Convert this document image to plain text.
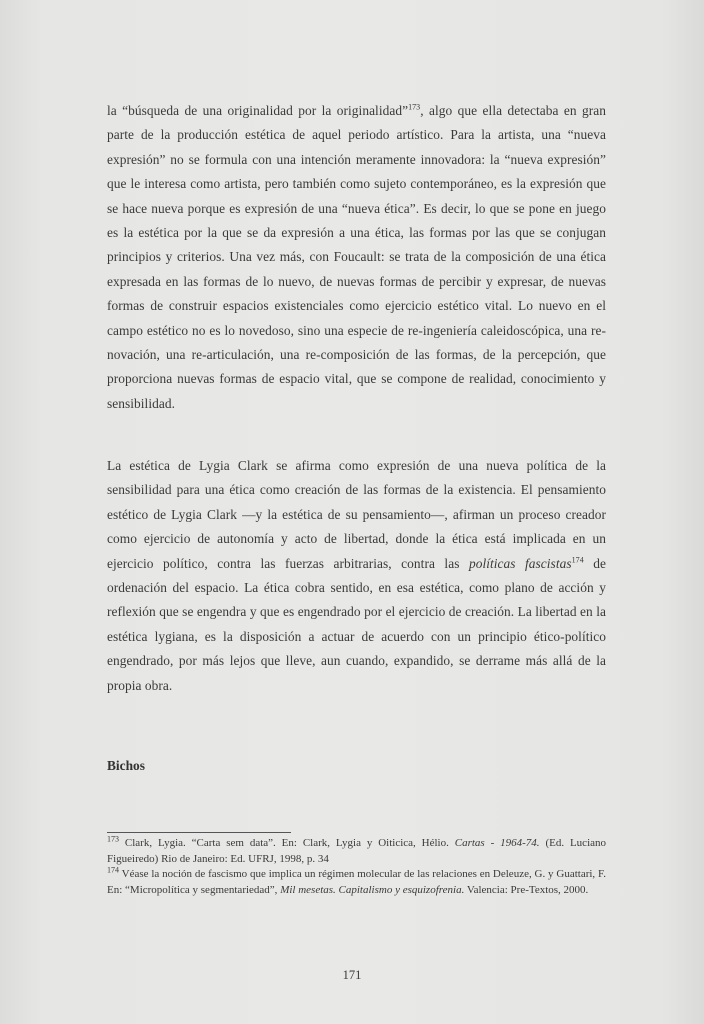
la “búsqueda de una originalidad por la originalidad”$^{173}$, algo que ella detectaba en gran parte de la producción estética de aquel periodo artístico. Para la artista, una “nueva expresión” no se formula con una intención meramente innovadora: la “nueva expresión” que le interesa como artista, pero también como sujeto contemporáneo, es la expresión que se hace nueva porque es expresión de una “nueva ética”. Es decir, lo que se pone en juego es la estética por la que se da expresión a una ética, las formas por las que se conjugan principios y criterios. Una vez más, con Foucault: se trata de la composición de una ética expresada en las formas de lo nuevo, de nuevas formas de percibir y expresar, de nuevas formas de construir espacios existenciales como ejercicio estético vital. Lo nuevo en el campo estético no es lo novedoso, sino una especie de re-ingeniería caleidoscópica, una re-novación, una re-articulación, una re-composición de las formas, de la percepción, que proporciona nuevas formas de espacio vital, que se compone de realidad, conocimiento y sensibilidad.

La estética de Lygia Clark se afirma como expresión de una nueva política de la sensibilidad para una ética como creación de las formas de la existencia. El pensamiento estético de Lygia Clark —y la estética de su pensamiento—, afirman un proceso creador como ejercicio de autonomía y acto de libertad, donde la ética está implicada en un ejercicio político, contra las fuerzas arbitrarias, contra las políticas fascistas$^{174}$ de ordenación del espacio. La ética cobra sentido, en esa estética, como plano de acción y reflexión que se engendra y que es engendrado por el ejercicio de creación. La libertad en la estética lygiana, es la disposición a actuar de acuerdo con un principio ético-político engendrado, por más lejos que lleve, aun cuando, expandido, se derrame más allá de la propia obra.

Bichos

$^{173}$ Clark, Lygia. “Carta sem data”. En: Clark, Lygia y Oiticica, Hélio. Cartas - 1964-74. (Ed. Luciano Figueiredo) Rio de Janeiro: Ed. UFRJ, 1998, p. 34

$^{174}$ Véase la noción de fascismo que implica un régimen molecular de las relaciones en Deleuze, G. y Guattari, F. En: “Micropolítica y segmentariedad”, Mil mesetas. Capitalismo y esquizofrenia. Valencia: Pre-Textos, 2000.

171
